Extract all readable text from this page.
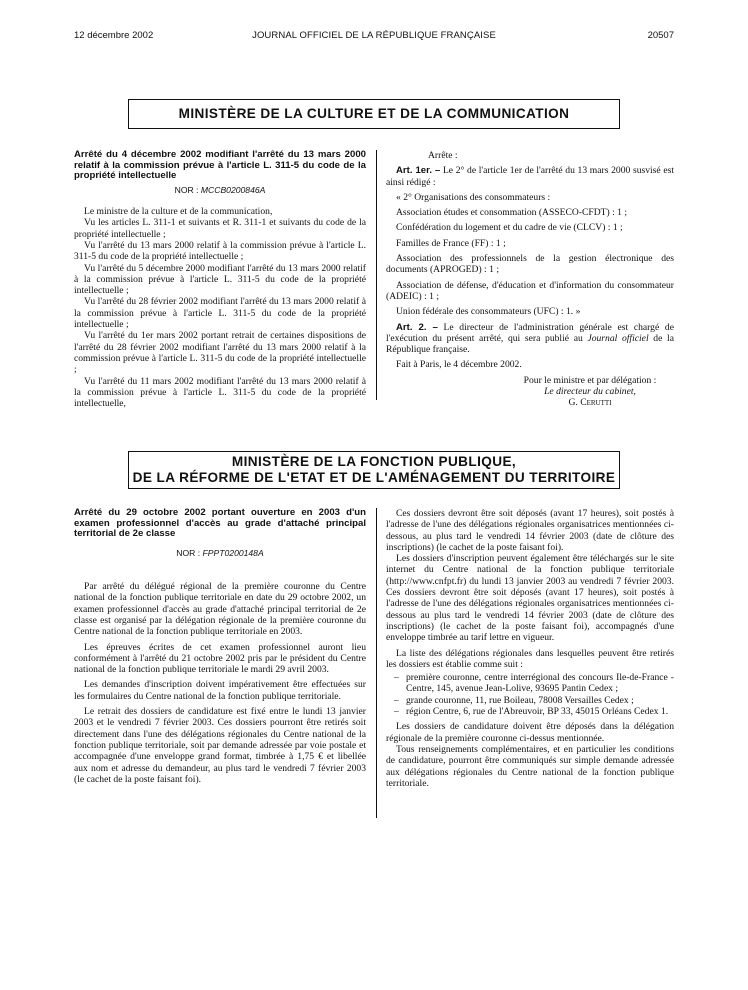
12 décembre 2002	JOURNAL OFFICIEL DE LA RÉPUBLIQUE FRANÇAISE	20507
MINISTÈRE DE LA CULTURE ET DE LA COMMUNICATION
Arrêté du 4 décembre 2002 modifiant l'arrêté du 13 mars 2000 relatif à la commission prévue à l'article L. 311-5 du code de la propriété intellectuelle
NOR : MCCB0200846A

Le ministre de la culture et de la communication,

Vu les articles L. 311-1 et suivants et R. 311-1 et suivants du code de la propriété intellectuelle ;

Vu l'arrêté du 13 mars 2000 relatif à la commission prévue à l'article L. 311-5 du code de la propriété intellectuelle ;

Vu l'arrêté du 5 décembre 2000 modifiant l'arrêté du 13 mars 2000 relatif à la commission prévue à l'article L. 311-5 du code de la propriété intellectuelle ;

Vu l'arrêté du 28 février 2002 modifiant l'arrêté du 13 mars 2000 relatif à la commission prévue à l'article L. 311-5 du code de la propriété intellectuelle ;

Vu l'arrêté du 1er mars 2002 portant retrait de certaines dispositions de l'arrêté du 28 février 2002 modifiant l'arrêté du 13 mars 2000 relatif à la commission prévue à l'article L. 311-5 du code de la propriété intellectuelle ;

Vu l'arrêté du 11 mars 2002 modifiant l'arrêté du 13 mars 2000 relatif à la commission prévue à l'article L. 311-5 du code de la propriété intellectuelle,

Arrête :

Art. 1er. – Le 2° de l'article 1er de l'arrêté du 13 mars 2000 susvisé est ainsi rédigé :

« 2° Organisations des consommateurs :

Association études et consommation (ASSECO-CFDT) : 1 ;

Confédération du logement et du cadre de vie (CLCV) : 1 ;

Familles de France (FF) : 1 ;

Association des professionnels de la gestion électronique des documents (APROGED) : 1 ;

Association de défense, d'éducation et d'information du consommateur (ADEIC) : 1 ;

Union fédérale des consommateurs (UFC) : 1. »

Art. 2. – Le directeur de l'administration générale est chargé de l'exécution du présent arrêté, qui sera publié au Journal officiel de la République française.

Fait à Paris, le 4 décembre 2002.

Pour le ministre et par délégation :
Le directeur du cabinet,
G. Cerutti
MINISTÈRE DE LA FONCTION PUBLIQUE,
DE LA RÉFORME DE L'ETAT ET DE L'AMÉNAGEMENT DU TERRITOIRE
Arrêté du 29 octobre 2002 portant ouverture en 2003 d'un examen professionnel d'accès au grade d'attaché principal territorial de 2e classe
NOR : FPPT0200148A

Par arrêté du délégué régional de la première couronne du Centre national de la fonction publique territoriale en date du 29 octobre 2002, un examen professionnel d'accès au grade d'attaché principal territorial de 2e classe est organisé par la délégation régionale de la première couronne du Centre national de la fonction publique territoriale en 2003.

Les épreuves écrites de cet examen professionnel auront lieu conformément à l'arrêté du 21 octobre 2002 pris par le président du Centre national de la fonction publique territoriale le mardi 29 avril 2003.

Les demandes d'inscription doivent impérativement être effectuées sur les formulaires du Centre national de la fonction publique territoriale.

Le retrait des dossiers de candidature est fixé entre le lundi 13 janvier 2003 et le vendredi 7 février 2003. Ces dossiers pourront être retirés soit directement dans l'une des délégations régionales du Centre national de la fonction publique territoriale, soit par demande adressée par voie postale et accompagnée d'une enveloppe grand format, timbrée à 1,75 € et libellée aux nom et adresse du demandeur, au plus tard le vendredi 7 février 2003 (le cachet de la poste faisant foi).

Ces dossiers devront être soit déposés (avant 17 heures), soit postés à l'adresse de l'une des délégations régionales organisatrices mentionnées ci-dessous, au plus tard le vendredi 14 février 2003 (date de clôture des inscriptions) (le cachet de la poste faisant foi).

Les dossiers d'inscription peuvent également être téléchargés sur le site internet du Centre national de la fonction publique territoriale (http://www.cnfpt.fr) du lundi 13 janvier 2003 au vendredi 7 février 2003. Ces dossiers devront être soit déposés (avant 17 heures), soit postés à l'adresse de l'une des délégations régionales organisatrices mentionnées ci-dessous au plus tard le vendredi 14 février 2003 (date de clôture des inscriptions) (le cachet de la poste faisant foi), accompagnés d'une enveloppe timbrée au tarif lettre en vigueur.

La liste des délégations régionales dans lesquelles peuvent être retirés les dossiers est établie comme suit :

– première couronne, centre interrégional des concours Ile-de-France - Centre, 145, avenue Jean-Lolive, 93695 Pantin Cedex ;
– grande couronne, 11, rue Boileau, 78008 Versailles Cedex ;
– région Centre, 6, rue de l'Abreuvoir, BP 33, 45015 Orléans Cedex 1.

Les dossiers de candidature doivent être déposés dans la délégation régionale de la première couronne ci-dessus mentionnée.

Tous renseignements complémentaires, et en particulier les conditions de candidature, pourront être communiqués sur simple demande adressée aux délégations régionales du Centre national de la fonction publique territoriale.
